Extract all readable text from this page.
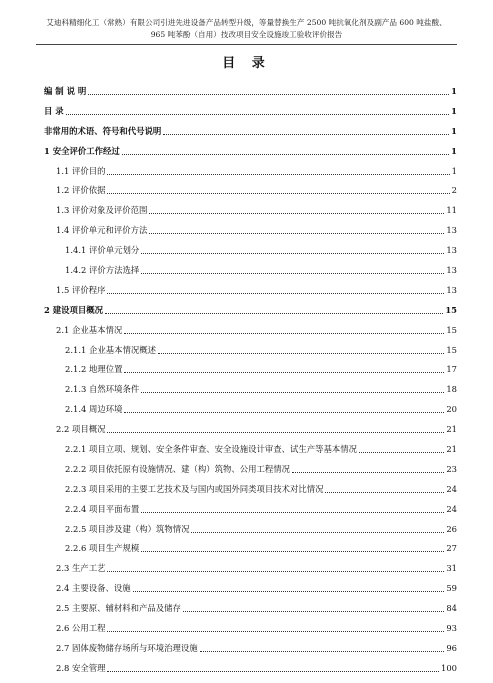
艾迪科精细化工（常熟）有限公司引进先进设备产品转型升级，等量替换生产 2500 吨抗氧化剂及副产品 600 吨盐酸、
965 吨苯酚（自用）技改项目安全设施竣工验收评价报告
目 录
编 制 说 明	1
目 录	1
非常用的术语、符号和代号说明	1
1 安全评价工作经过	1
1.1 评价目的	1
1.2 评价依据	2
1.3 评价对象及评价范围	11
1.4 评价单元和评价方法	13
1.4.1 评价单元划分	13
1.4.2 评价方法选择	13
1.5 评价程序	13
2 建设项目概况	15
2.1 企业基本情况	15
2.1.1 企业基本情况概述	15
2.1.2 地理位置	17
2.1.3 自然环境条件	18
2.1.4 周边环境	20
2.2 项目概况	21
2.2.1 项目立项、规划、安全条件审查、安全设施设计审查、试生产等基本情况	21
2.2.2 项目依托原有设施情况、建（构）筑物、公用工程情况	23
2.2.3 项目采用的主要工艺技术及与国内或国外同类项目技术对比情况	24
2.2.4 项目平面布置	24
2.2.5 项目涉及建（构）筑物情况	26
2.2.6 项目生产规模	27
2.3 生产工艺	31
2.4 主要设备、设施	59
2.5 主要原、辅材料和产品及储存	84
2.6 公用工程	93
2.7 固体废物储存场所与环境治理设施	96
2.8 安全管理	100
